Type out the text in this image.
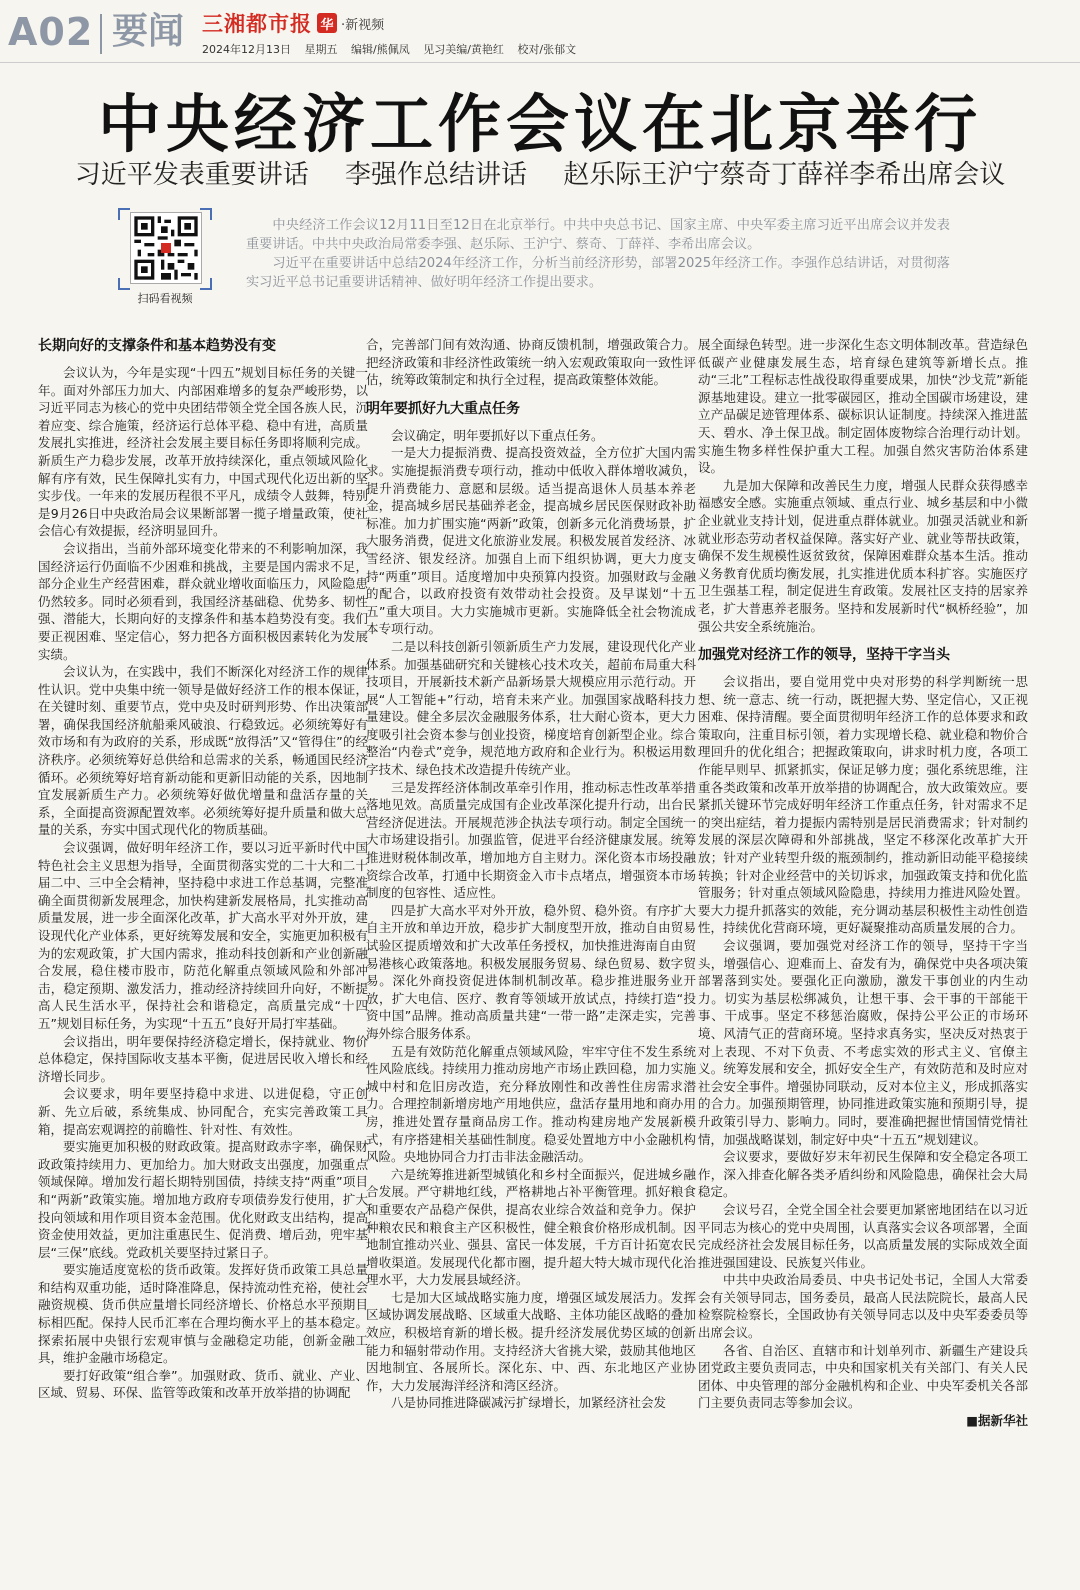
A02 要闻 三湘都市报 华 ·新视频
2024年12月13日 星期五 编辑/熊佩凤 见习美编/黄艳红 校对/张郁文
中央经济工作会议在北京举行
习近平发表重要讲话 李强作总结讲话 赵乐际王沪宁蔡奇丁薛祥李希出席会议
扫码看视频

中央经济工作会议12月11日至12日在北京举行。中共中央总书记、国家主席、中央军委主席习近平出席会议并发表重要讲话。中共中央政治局常委李强、赵乐际、王沪宁、蔡奇、丁薛祥、李希出席会议。

习近平在重要讲话中总结2024年经济工作，分析当前经济形势，部署2025年经济工作。李强作总结讲话，对贯彻落实习近平总书记重要讲话精神、做好明年经济工作提出要求。

长期向好的支撑条件和基本趋势没有变

会议认为，今年是实现“十四五”规划目标任务的关键一年。面对外部压力加大、内部困难增多的复杂严峻形势，以习近平同志为核心的党中央团结带领全党全国各族人民，沉着应变、综合施策，经济运行总体平稳、稳中有进，高质量发展扎实推进，经济社会发展主要目标任务即将顺利完成。新质生产力稳步发展，改革开放持续深化，重点领域风险化解有序有效，民生保障扎实有力，中国式现代化迈出新的坚实步伐。一年来的发展历程很不平凡，成绩令人鼓舞，特别是9月26日中央政治局会议果断部署一揽子增量政策，使社会信心有效提振，经济明显回升。

会议指出，当前外部环境变化带来的不利影响加深，我国经济运行仍面临不少困难和挑战，主要是国内需求不足，部分企业生产经营困难，群众就业增收面临压力，风险隐患仍然较多。同时必须看到，我国经济基础稳、优势多、韧性强、潜能大，长期向好的支撑条件和基本趋势没有变。我们要正视困难、坚定信心，努力把各方面积极因素转化为发展实绩。

会议认为，在实践中，我们不断深化对经济工作的规律性认识。党中央集中统一领导是做好经济工作的根本保证，在关键时刻、重要节点，党中央及时研判形势、作出决策部署，确保我国经济航船乘风破浪、行稳致远。必须统筹好有效市场和有为政府的关系，形成既“放得活”又“管得住”的经济秩序。必须统筹好总供给和总需求的关系，畅通国民经济循环。必须统筹好培育新动能和更新旧动能的关系，因地制宜发展新质生产力。必须统筹好做优增量和盘活存量的关系，全面提高资源配置效率。必须统筹好提升质量和做大总量的关系，夯实中国式现代化的物质基础。

会议强调，做好明年经济工作，要以习近平新时代中国特色社会主义思想为指导，全面贯彻落实党的二十大和二十届二中、三中全会精神，坚持稳中求进工作总基调，完整准确全面贯彻新发展理念，加快构建新发展格局，扎实推动高质量发展，进一步全面深化改革，扩大高水平对外开放，建设现代化产业体系，更好统筹发展和安全，实施更加积极有为的宏观政策，扩大国内需求，推动科技创新和产业创新融合发展，稳住楼市股市，防范化解重点领域风险和外部冲击，稳定预期、激发活力，推动经济持续回升向好，不断提高人民生活水平，保持社会和谐稳定，高质量完成“十四五”规划目标任务，为实现“十五五”良好开局打牢基础。

会议指出，明年要保持经济稳定增长，保持就业、物价总体稳定，保持国际收支基本平衡，促进居民收入增长和经济增长同步。

会议要求，明年要坚持稳中求进、以进促稳，守正创新、先立后破，系统集成、协同配合，充实完善政策工具箱，提高宏观调控的前瞻性、针对性、有效性。

要实施更加积极的财政政策。提高财政赤字率，确保财政政策持续用力、更加给力。加大财政支出强度，加强重点领域保障。增加发行超长期特别国债，持续支持“两重”项目和“两新”政策实施。增加地方政府专项债券发行使用，扩大投向领域和用作项目资本金范围。优化财政支出结构，提高资金使用效益，更加注重惠民生、促消费、增后劲，兜牢基层“三保”底线。党政机关要坚持过紧日子。

要实施适度宽松的货币政策。发挥好货币政策工具总量和结构双重功能，适时降准降息，保持流动性充裕，使社会融资规模、货币供应量增长同经济增长、价格总水平预期目标相匹配。保持人民币汇率在合理均衡水平上的基本稳定。探索拓展中央银行宏观审慎与金融稳定功能，创新金融工具，维护金融市场稳定。

要打好政策“组合拳”。加强财政、货币、就业、产业、区域、贸易、环保、监管等政策和改革开放举措的协调配

合，完善部门间有效沟通、协商反馈机制，增强政策合力。把经济政策和非经济性政策统一纳入宏观政策取向一致性评估，统筹政策制定和执行全过程，提高政策整体效能。

明年要抓好九大重点任务

会议确定，明年要抓好以下重点任务。

一是大力提振消费、提高投资效益，全方位扩大国内需求。实施提振消费专项行动，推动中低收入群体增收减负，提升消费能力、意愿和层级。适当提高退休人员基本养老金，提高城乡居民基础养老金，提高城乡居民医保财政补助标准。加力扩围实施“两新”政策，创新多元化消费场景，扩大服务消费，促进文化旅游业发展。积极发展首发经济、冰雪经济、银发经济。加强自上而下组织协调，更大力度支持“两重”项目。适度增加中央预算内投资。加强财政与金融的配合，以政府投资有效带动社会投资。及早谋划“十五五”重大项目。大力实施城市更新。实施降低全社会物流成本专项行动。

二是以科技创新引领新质生产力发展，建设现代化产业体系。加强基础研究和关键核心技术攻关，超前布局重大科技项目，开展新技术新产品新场景大规模应用示范行动。开展“人工智能+”行动，培育未来产业。加强国家战略科技力量建设。健全多层次金融服务体系，壮大耐心资本，更大力度吸引社会资本参与创业投资，梯度培育创新型企业。综合整治“内卷式”竞争，规范地方政府和企业行为。积极运用数字技术、绿色技术改造提升传统产业。

三是发挥经济体制改革牵引作用，推动标志性改革举措落地见效。高质量完成国有企业改革深化提升行动，出台民营经济促进法。开展规范涉企执法专项行动。制定全国统一大市场建设指引。加强监管，促进平台经济健康发展。统筹推进财税体制改革，增加地方自主财力。深化资本市场投融资综合改革，打通中长期资金入市卡点堵点，增强资本市场制度的包容性、适应性。

四是扩大高水平对外开放，稳外贸、稳外资。有序扩大自主开放和单边开放，稳步扩大制度型开放，推动自由贸易试验区提质增效和扩大改革任务授权，加快推进海南自由贸易港核心政策落地。积极发展服务贸易、绿色贸易、数字贸易。深化外商投资促进体制机制改革。稳步推进服务业开放，扩大电信、医疗、教育等领域开放试点，持续打造“投资中国”品牌。推动高质量共建“一带一路”走深走实，完善海外综合服务体系。

五是有效防范化解重点领域风险，牢牢守住不发生系统性风险底线。持续用力推动房地产市场止跌回稳，加力实施城中村和危旧房改造，充分释放刚性和改善性住房需求潜力。合理控制新增房地产用地供应，盘活存量用地和商办用房，推进处置存量商品房工作。推动构建房地产发展新模式，有序搭建相关基础性制度。稳妥处置地方中小金融机构风险。央地协同合力打击非法金融活动。

六是统筹推进新型城镇化和乡村全面振兴，促进城乡融合发展。严守耕地红线，严格耕地占补平衡管理。抓好粮食和重要农产品稳产保供，提高农业综合效益和竞争力。保护种粮农民和粮食主产区积极性，健全粮食价格形成机制。因地制宜推动兴业、强县、富民一体发展，千方百计拓宽农民增收渠道。发展现代化都市圈，提升超大特大城市现代化治理水平，大力发展县域经济。

七是加大区域战略实施力度，增强区域发展活力。发挥区域协调发展战略、区域重大战略、主体功能区战略的叠加效应，积极培育新的增长极。提升经济发展优势区域的创新能力和辐射带动作用。支持经济大省挑大梁，鼓励其他地区因地制宜、各展所长。深化东、中、西、东北地区产业协作，大力发展海洋经济和湾区经济。

八是协同推进降碳减污扩绿增长，加紧经济社会发

展全面绿色转型。进一步深化生态文明体制改革。营造绿色低碳产业健康发展生态，培育绿色建筑等新增长点。推动“三北”工程标志性战役取得重要成果，加快“沙戈荒”新能源基地建设。建立一批零碳园区，推动全国碳市场建设，建立产品碳足迹管理体系、碳标识认证制度。持续深入推进蓝天、碧水、净土保卫战。制定固体废物综合治理行动计划。实施生物多样性保护重大工程。加强自然灾害防治体系建设。

九是加大保障和改善民生力度，增强人民群众获得感幸福感安全感。实施重点领域、重点行业、城乡基层和中小微企业就业支持计划，促进重点群体就业。加强灵活就业和新就业形态劳动者权益保障。落实好产业、就业等帮扶政策，确保不发生规模性返贫致贫，保障困难群众基本生活。推动义务教育优质均衡发展，扎实推进优质本科扩容。实施医疗卫生强基工程，制定促进生育政策。发展社区支持的居家养老，扩大普惠养老服务。坚持和发展新时代“枫桥经验”，加强公共安全系统施治。

加强党对经济工作的领导，坚持干字当头

会议指出，要自觉用党中央对形势的科学判断统一思想、统一意志、统一行动，既把握大势、坚定信心，又正视困难、保持清醒。要全面贯彻明年经济工作的总体要求和政策取向，注重目标引领，着力实现增长稳、就业稳和物价合理回升的优化组合；把握政策取向，讲求时机力度，各项工作能早则早、抓紧抓实，保证足够力度；强化系统思维，注重各类政策和改革开放举措的协调配合，放大政策效应。要紧抓关键环节完成好明年经济工作重点任务，针对需求不足的突出症结，着力提振内需特别是居民消费需求；针对制约发展的深层次障碍和外部挑战，坚定不移深化改革扩大开放；针对产业转型升级的瓶颈制约，推动新旧动能平稳接续转换；针对企业经营中的关切诉求，加强政策支持和优化监管服务；针对重点领域风险隐患，持续用力推进风险处置。要大力提升抓落实的效能，充分调动基层积极性主动性创造性，持续优化营商环境，更好凝聚推动高质量发展的合力。

会议强调，要加强党对经济工作的领导，坚持干字当头，增强信心、迎难而上、奋发有为，确保党中央各项决策部署落到实处。要强化正向激励，激发干事创业的内生动力。切实为基层松绑减负，让想干事、会干事的干部能干事、干成事。坚定不移惩治腐败，保持公平公正的市场环境、风清气正的营商环境。坚持求真务实，坚决反对热衷于对上表现、不对下负责、不考虑实效的形式主义、官僚主义。统筹发展和安全，抓好安全生产，有效防范和及时应对社会安全事件。增强协同联动，反对本位主义，形成抓落实的合力。加强预期管理，协同推进政策实施和预期引导，提升政策引导力、影响力。同时，要准确把握世情国情党情社情，加强战略谋划，制定好中央“十五五”规划建议。

会议要求，要做好岁末年初民生保障和安全稳定各项工作，深入排查化解各类矛盾纠纷和风险隐患，确保社会大局稳定。

会议号召，全党全国全社会要更加紧密地团结在以习近平同志为核心的党中央周围，认真落实会议各项部署，全面完成经济社会发展目标任务，以高质量发展的实际成效全面推进强国建设、民族复兴伟业。

中共中央政治局委员、中央书记处书记，全国人大常委会有关领导同志，国务委员，最高人民法院院长，最高人民检察院检察长，全国政协有关领导同志以及中央军委委员等出席会议。

各省、自治区、直辖市和计划单列市、新疆生产建设兵团党政主要负责同志，中央和国家机关有关部门、有关人民团体、中央管理的部分金融机构和企业、中央军委机关各部门主要负责同志等参加会议。

■据新华社
